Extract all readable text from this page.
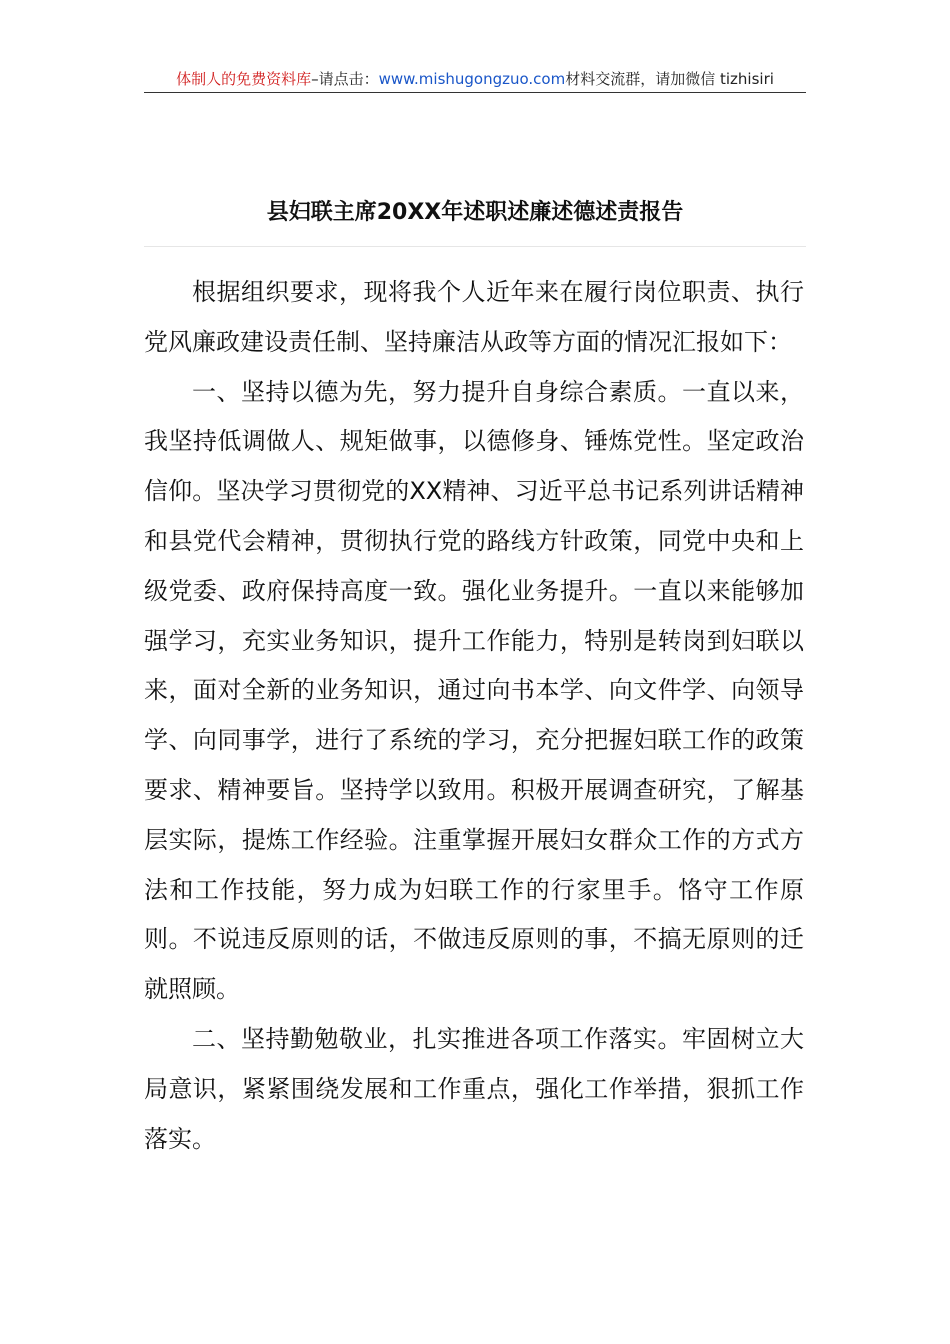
体制人的免费资料库–请点击：www.mishugongzuo.com材料交流群，请加微信 tizhisiri
县妇联主席20XX年述职述廉述德述责报告

根据组织要求，现将我个人近年来在履行岗位职责、执行党风廉政建设责任制、坚持廉洁从政等方面的情况汇报如下：

一、坚持以德为先，努力提升自身综合素质。一直以来，我坚持低调做人、规矩做事，以德修身、锤炼党性。坚定政治信仰。坚决学习贯彻党的XX精神、习近平总书记系列讲话精神和县党代会精神，贯彻执行党的路线方针政策，同党中央和上级党委、政府保持高度一致。强化业务提升。一直以来能够加强学习，充实业务知识，提升工作能力，特别是转岗到妇联以来，面对全新的业务知识，通过向书本学、向文件学、向领导学、向同事学，进行了系统的学习，充分把握妇联工作的政策要求、精神要旨。坚持学以致用。积极开展调查研究，了解基层实际，提炼工作经验。注重掌握开展妇女群众工作的方式方法和工作技能，努力成为妇联工作的行家里手。恪守工作原则。不说违反原则的话，不做违反原则的事，不搞无原则的迁就照顾。

二、坚持勤勉敬业，扎实推进各项工作落实。牢固树立大局意识，紧紧围绕发展和工作重点，强化工作举措，狠抓工作落实。
